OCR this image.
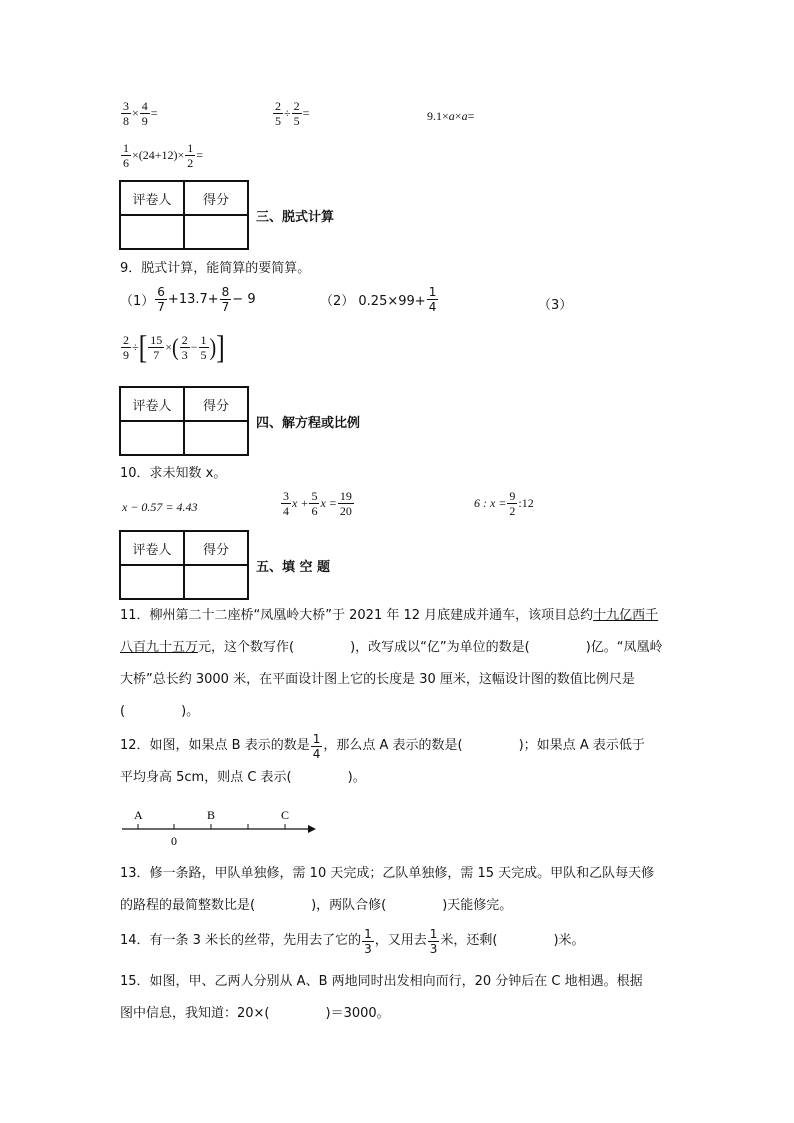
$\frac{3}{8} \times \frac{4}{9}$ =	$\frac{2}{5} \div \frac{2}{5}$ =	9.1× a × a =
$\frac{1}{6} \times(24+12)\times \frac{1}{2}$ =
评卷人	得分

三、脱式计算
9．脱式计算，能简算的要简算。
$(1) \frac{6}{7} +13.7+ \frac{8}{7} - 9$	（2） $0.25\times 99+ \frac{1}{4}$	（3）
$\frac{2}{9}$ ÷ [ $\frac{15}{7}$ × ( $\frac{2}{3} - \frac{1}{5}$ ) ]
评卷人	得分

四、解方程或比例
10．求未知数 x。
x − 0.57 = 4.43	$\frac{3}{4}$ $x + \frac{5}{6}$ $x = \frac{19}{20}$	6 : $x = \frac{9}{2}$ :12
评卷人	得分

五、填 空 题
11．柳州第二十二座桥“凤凰岭大桥”于 2021 年 12 月底建成并通车，该项目总约十九亿西千
八百九十五万元，这个数写作(	)，改写成以“亿”为单位的数是(	)亿。“凤凰岭
大桥”总长约 3000 米，在平面设计图上它的长度是 30 厘米，这幅设计图的数值比例尺是
(	)。
12．如图，如果点 B 表示的数是 $\frac{1}{4}$ ，那么点 A 表示的数是(	)；如果点 A 表示低于
平均身高 5cm，则点 C 表示(	)。
A	B	C
0
13．修一条路，甲队单独修，需 10 天完成；乙队单独修，需 15 天完成。甲队和乙队每天修
的路程的最简整数比是(	)，两队合修(	)天能修完。
14．有一条 3 米长的丝带，先用去了它的 $\frac{1}{3}$ ，又用去 $\frac{1}{3}$ 米，还剩(	)米。
15．如图，甲、乙两人分别从 A、B 两地同时出发相向而行，20 分钟后在 C 地相遇。根据
图中信息，我知道：20×(	)＝3000。
